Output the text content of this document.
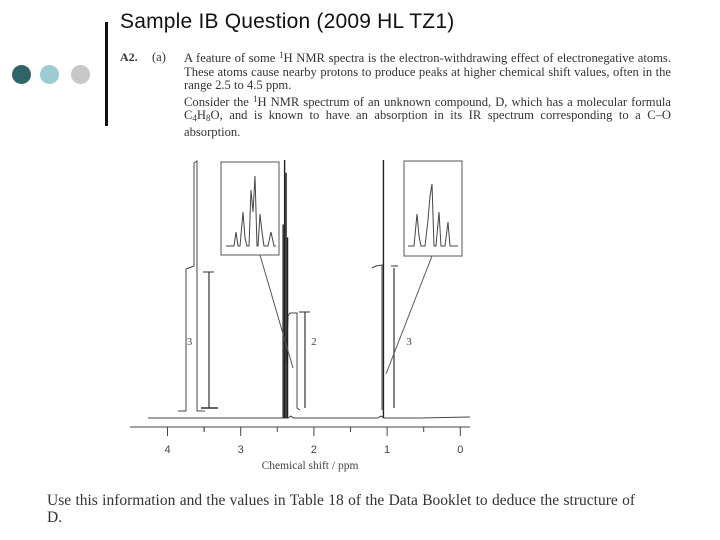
Sample IB Question (2009 HL TZ1)
A2. (a) A feature of some $^1$H NMR spectra is the electron-withdrawing effect of electronegative atoms. These atoms cause nearby protons to produce peaks at higher chemical shift values, often in the range 2.5 to 4.5 ppm.

Consider the $^1$H NMR spectrum of an unknown compound, D, which has a molecular formula $C_4H_8O$, and is known to have an absorption in its IR spectrum corresponding to a C–O absorption.

4	3	2	1	0
3	2	3
Chemical shift / ppm
Use this information and the values in Table 18 of the Data Booklet to deduce the structure of D.
